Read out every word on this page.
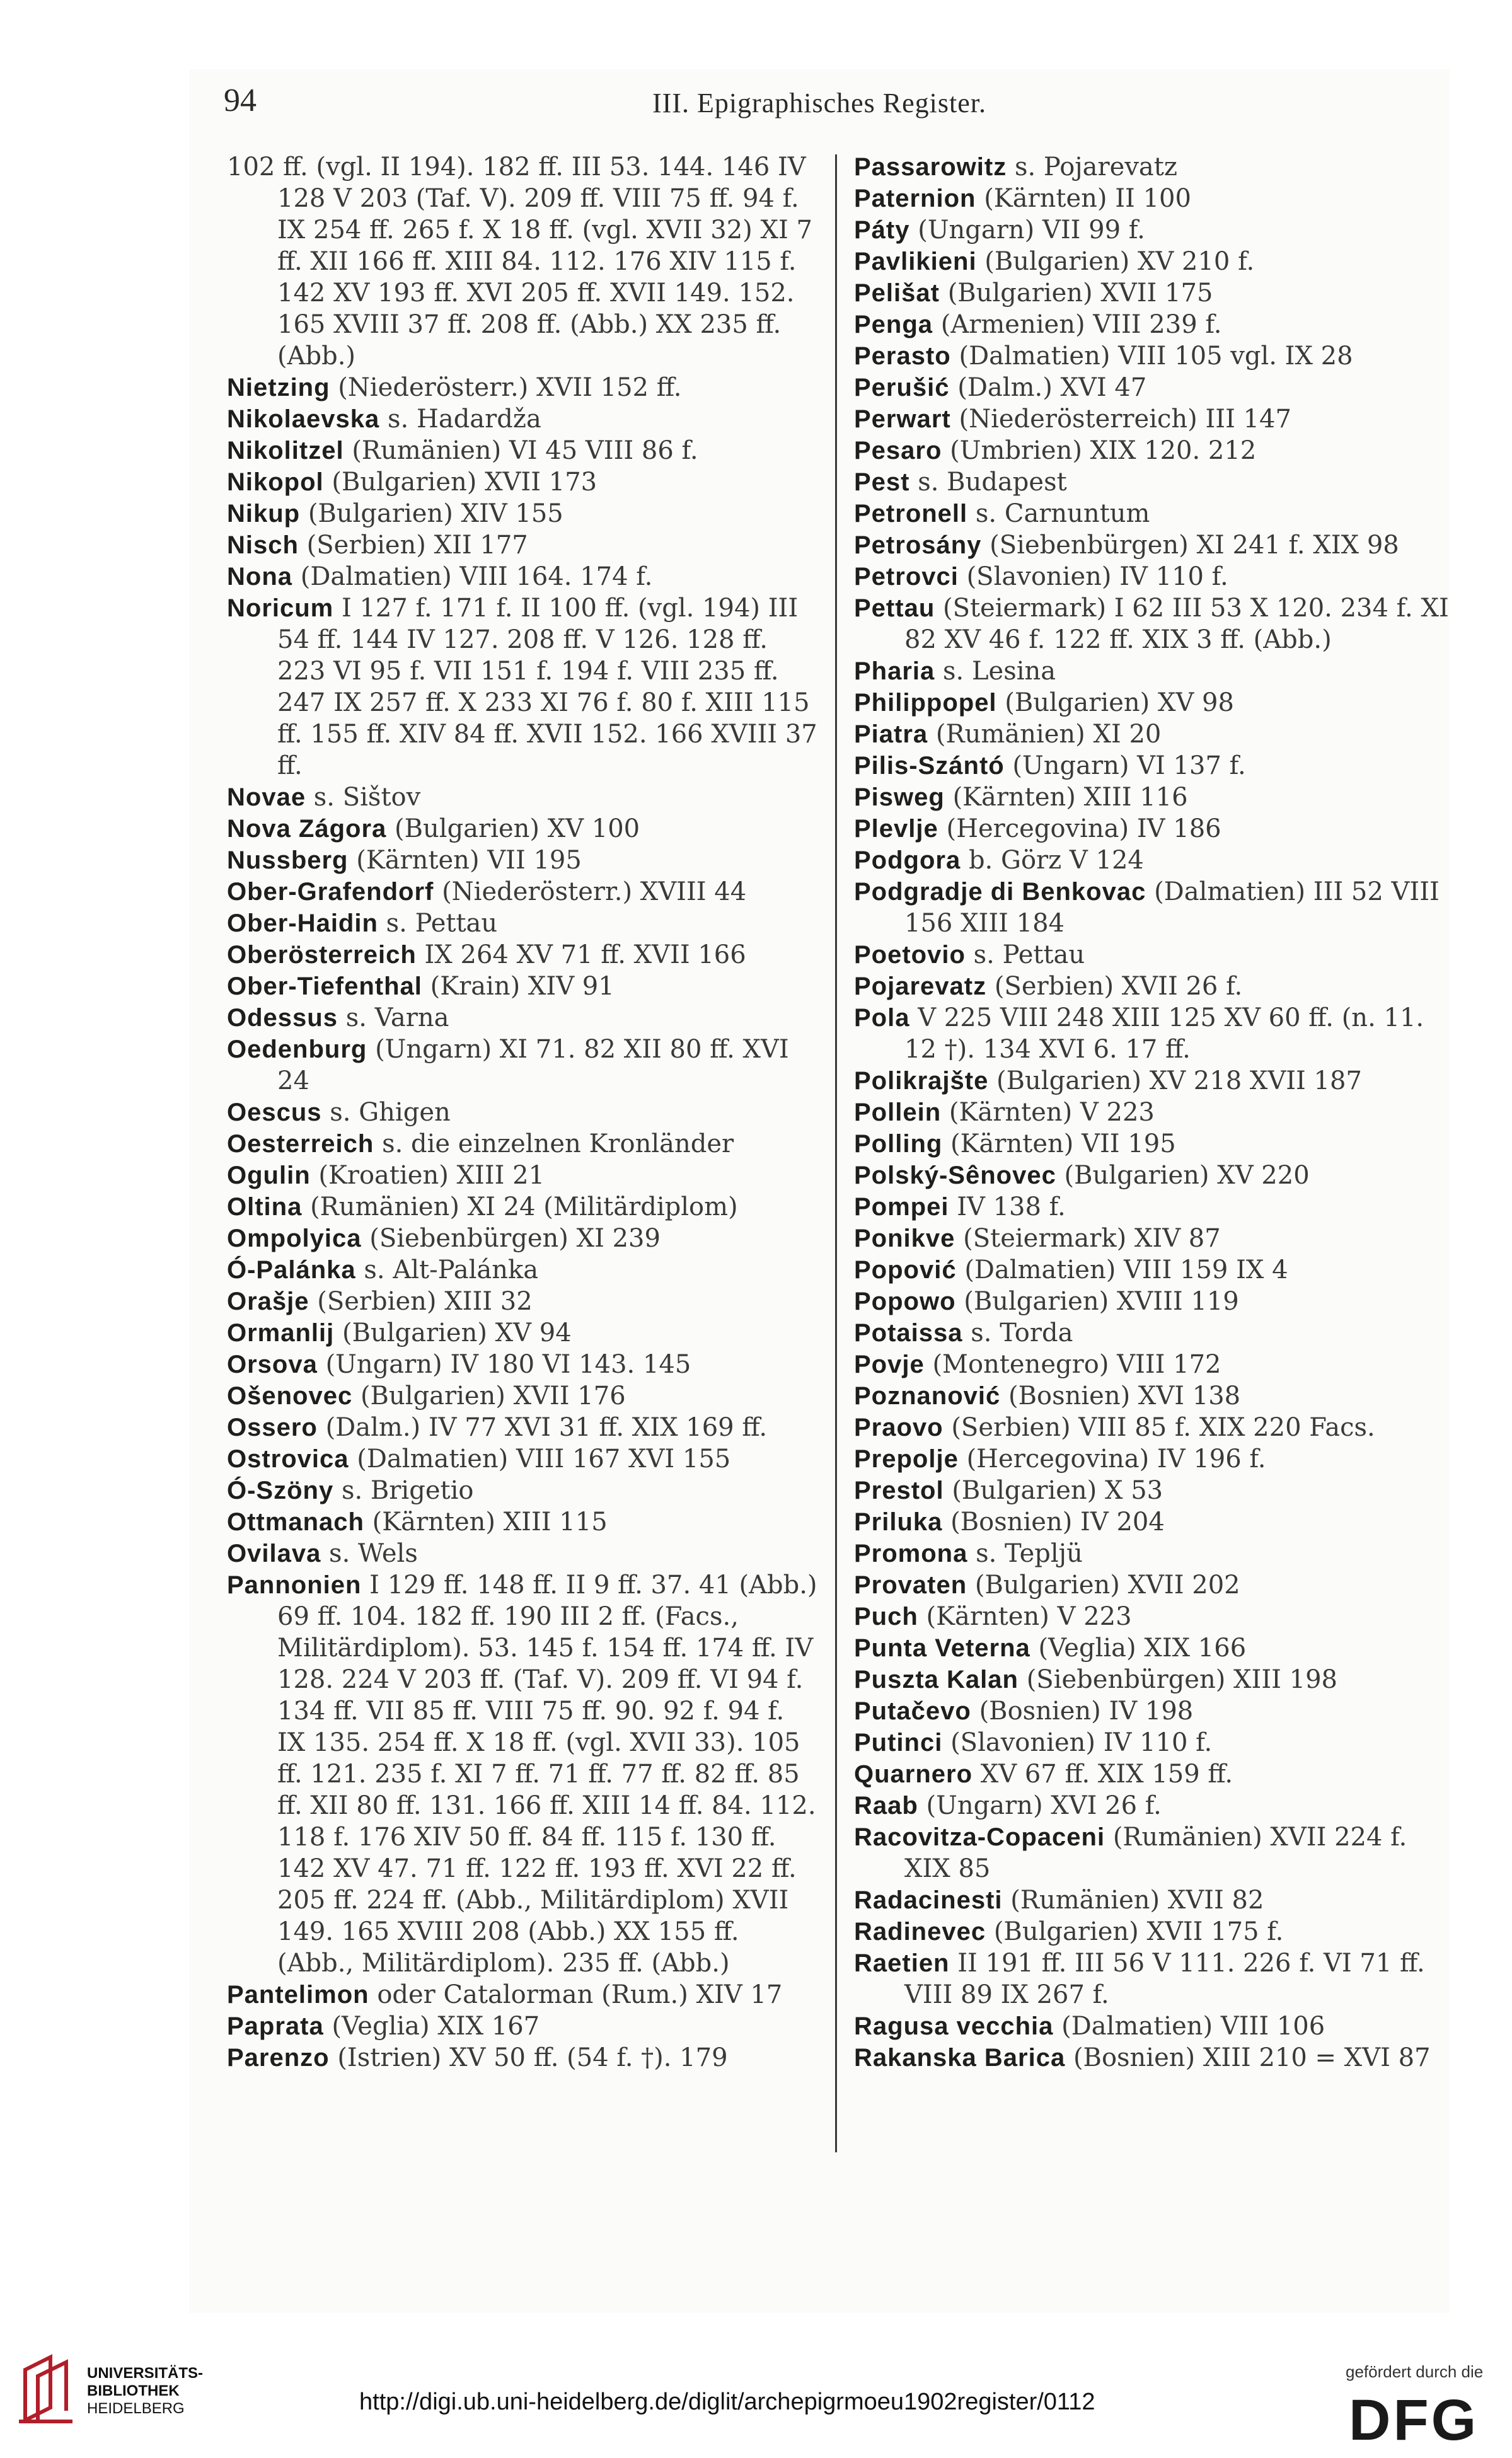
94	III. Epigraphisches Register.
102 ff. (vgl. II 194). 182 ff. III 53. 144. 146 IV 128 V 203 (Taf. V). 209 ff. VIII 75 ff. 94 f. IX 254 ff. 265 f. X 18 ff. (vgl. XVII 32) XI 7 ff. XII 166 ff. XIII 84. 112. 176 XIV 115 f. 142 XV 193 ff. XVI 205 ff. XVII 149. 152. 165 XVIII 37 ff. 208 ff. (Abb.) XX 235 ff. (Abb.)
Nietzing (Niederösterr.) XVII 152 ff.
Nikolaevska s. Hadardža
Nikolitzel (Rumänien) VI 45 VIII 86 f.
Nikopol (Bulgarien) XVII 173
Nikup (Bulgarien) XIV 155
Nisch (Serbien) XII 177
Nona (Dalmatien) VIII 164. 174 f.
Noricum I 127 f. 171 f. II 100 ff. (vgl. 194) III 54 ff. 144 IV 127. 208 ff. V 126. 128 ff. 223 VI 95 f. VII 151 f. 194 f. VIII 235 ff. 247 IX 257 ff. X 233 XI 76 f. 80 f. XIII 115 ff. 155 ff. XIV 84 ff. XVII 152. 166 XVIII 37 ff.
Novae s. Sištov
Nova Zágora (Bulgarien) XV 100
Nussberg (Kärnten) VII 195
Ober-Grafendorf (Niederösterr.) XVIII 44
Ober-Haidin s. Pettau
Oberösterreich IX 264 XV 71 ff. XVII 166
Ober-Tiefenthal (Krain) XIV 91
Odessus s. Varna
Oedenburg (Ungarn) XI 71. 82 XII 80 ff. XVI 24
Oescus s. Ghigen
Oesterreich s. die einzelnen Kronländer
Ogulin (Kroatien) XIII 21
Oltina (Rumänien) XI 24 (Militärdiplom)
Ompolyica (Siebenbürgen) XI 239
Ó-Palánka s. Alt-Palánka
Orašje (Serbien) XIII 32
Ormanlij (Bulgarien) XV 94
Orsova (Ungarn) IV 180 VI 143. 145
Ošenovec (Bulgarien) XVII 176
Ossero (Dalm.) IV 77 XVI 31 ff. XIX 169 ff.
Ostrovica (Dalmatien) VIII 167 XVI 155
Ó-Szöny s. Brigetio
Ottmanach (Kärnten) XIII 115
Ovilava s. Wels
Pannonien I 129 ff. 148 ff. II 9 ff. 37. 41 (Abb.) 69 ff. 104. 182 ff. 190 III 2 ff. (Facs., Militärdiplom). 53. 145 f. 154 ff. 174 ff. IV 128. 224 V 203 ff. (Taf. V). 209 ff. VI 94 f. 134 ff. VII 85 ff. VIII 75 ff. 90. 92 f. 94 f. IX 135. 254 ff. X 18 ff. (vgl. XVII 33). 105 ff. 121. 235 f. XI 7 ff. 71 ff. 77 ff. 82 ff. 85 ff. XII 80 ff. 131. 166 ff. XIII 14 ff. 84. 112. 118 f. 176 XIV 50 ff. 84 ff. 115 f. 130 ff. 142 XV 47. 71 ff. 122 ff. 193 ff. XVI 22 ff. 205 ff. 224 ff. (Abb., Militärdiplom) XVII 149. 165 XVIII 208 (Abb.) XX 155 ff. (Abb., Militärdiplom). 235 ff. (Abb.)
Pantelimon oder Catalorman (Rum.) XIV 17
Paprata (Veglia) XIX 167
Parenzo (Istrien) XV 50 ff. (54 f. †). 179
Passarowitz s. Pojarevatz
Paternion (Kärnten) II 100
Páty (Ungarn) VII 99 f.
Pavlikieni (Bulgarien) XV 210 f.
Pelišat (Bulgarien) XVII 175
Penga (Armenien) VIII 239 f.
Perasto (Dalmatien) VIII 105 vgl. IX 28
Perušić (Dalm.) XVI 47
Perwart (Niederösterreich) III 147
Pesaro (Umbrien) XIX 120. 212
Pest s. Budapest
Petronell s. Carnuntum
Petrosány (Siebenbürgen) XI 241 f. XIX 98
Petrovci (Slavonien) IV 110 f.
Pettau (Steiermark) I 62 III 53 X 120. 234 f. XI 82 XV 46 f. 122 ff. XIX 3 ff. (Abb.)
Pharia s. Lesina
Philippopel (Bulgarien) XV 98
Piatra (Rumänien) XI 20
Pilis-Szántó (Ungarn) VI 137 f.
Pisweg (Kärnten) XIII 116
Plevlje (Hercegovina) IV 186
Podgora b. Görz V 124
Podgradje di Benkovac (Dalmatien) III 52 VIII 156 XIII 184
Poetovio s. Pettau
Pojarevatz (Serbien) XVII 26 f.
Pola V 225 VIII 248 XIII 125 XV 60 ff. (n. 11. 12 †). 134 XVI 6. 17 ff.
Polikrajšte (Bulgarien) XV 218 XVII 187
Pollein (Kärnten) V 223
Polling (Kärnten) VII 195
Polský-Sênovec (Bulgarien) XV 220
Pompei IV 138 f.
Ponikve (Steiermark) XIV 87
Popović (Dalmatien) VIII 159 IX 4
Popowo (Bulgarien) XVIII 119
Potaissa s. Torda
Povje (Montenegro) VIII 172
Poznanović (Bosnien) XVI 138
Praovo (Serbien) VIII 85 f. XIX 220 Facs.
Prepolje (Hercegovina) IV 196 f.
Prestol (Bulgarien) X 53
Priluka (Bosnien) IV 204
Promona s. Tepljü
Provaten (Bulgarien) XVII 202
Puch (Kärnten) V 223
Punta Veterna (Veglia) XIX 166
Puszta Kalan (Siebenbürgen) XIII 198
Putačevo (Bosnien) IV 198
Putinci (Slavonien) IV 110 f.
Quarnero XV 67 ff. XIX 159 ff.
Raab (Ungarn) XVI 26 f.
Racovitza-Copaceni (Rumänien) XVII 224 f. XIX 85
Radacinesti (Rumänien) XVII 82
Radinevec (Bulgarien) XVII 175 f.
Raetien II 191 ff. III 56 V 111. 226 f. VI 71 ff. VIII 89 IX 267 f.
Ragusa vecchia (Dalmatien) VIII 106
Rakanska Barica (Bosnien) XIII 210 = XVI 87
UNIVERSITÄTS-
BIBLIOTHEK
HEIDELBERG	http://digi.ub.uni-heidelberg.de/diglit/archepigrmoeu1902register/0112
gefördert durch die
DFG
